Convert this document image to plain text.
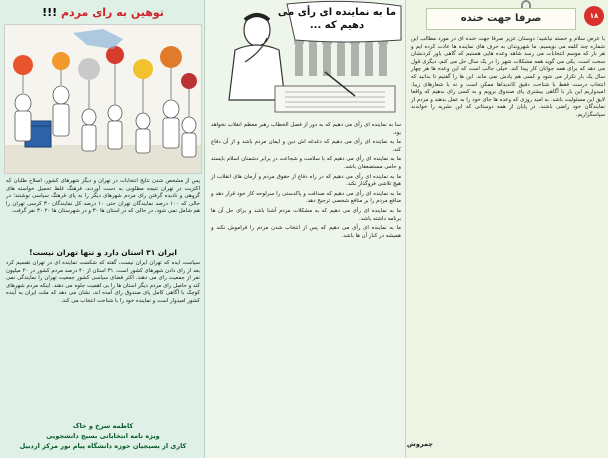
توهین به رای مردم !!!
پس از مشخص شدن نتایج انتخابات در تهران و دیگر شهرهای کشور، اصلاح طلبان که اکثریت در تهران نتیجه مطلوبی به دست آوردند، فرهنگ غلط تحمیل خواسته های گروهی و نادیده گرفتن رای مردم شهرهای دیگر را به پای فرهنگ سیاسی نوشتند؛ در حالی که ۱۰۰ درصد نمایندگان تهران حتی ۱۰ درصد کل نمایندگان ۳۰ کرسی تهران را هم شامل نمی شود، در حالی که در استان ها ۳۰ و در شهرستان ها ۲۰ ۳۰ نفر گرفت.
ایران ۳۱ استان دارد و تنها تهران نیست!
سیاست ایده که تهران ایران نیست، گفته که شکست نماینده ای در تهران تقسیم کرد بعد از رای دادن شهرهای کشور است. ۳۱ استان از ۴۰ درصد مردم کشور در ۲۰ میلیون نفر از جمعیت رای می دهند. اکثر فضای سیاسی کشور جمعیت تهران را نمایندگی نمی کند و حاصل رای مردم دیگر استان ها را بی اهمیت جلوه می دهند. اینکه مردم شهرهای کوچک با آگاهی کامل پای صندوق رای آمده اند، نشان می دهد که ملت ایران به آینده کشور امیدوار است و نماینده خود را با شناخت انتخاب می کند.
کاظمه سرخ و خاک
ویژه نامه انتخاباتی بسیج دانشجویی
کاری از بسیجیان حوزه دانشگاه پیام نور مرکز اردبیل
ما به نماینده ای رأی می دهیم که ...

سا به نماینده ای رأی می دهیم که به دور از فصل الخطاب رهبر معظم انقلاب نخواهد بود.

ما به نماینده ای رأی می دهیم که دغدغه اش دین و ایمان مردم باشد و از آن دفاع کند.

ما به نماینده ای رأی می دهیم که با سلامت و شجاعت در برابر دشمنان اسلام بایستد و حامی مستضعفان باشد.

ما به نماینده ای رأی می دهیم که در راه دفاع از حقوق مردم و آرمان های انقلاب از هیچ تلاشی فروگذار نکند.

ما به نماینده ای رأی می دهیم که صداقت و پاکدستی را سرلوحه کار خود قرار دهد و منافع مردم را بر منافع شخصی ترجیح دهد.

ما به نماینده ای رأی می دهیم که به مشکلات مردم آشنا باشد و برای حل آن ها برنامه داشته باشد.

ما به نماینده ای رأی می دهیم که پس از انتخاب شدن مردم را فراموش نکند و همیشه در کنار آن ها باشد.

صرفا جهت خنده	۱۸
با عرض سلام و خسته نباشید؛ دوستان عزیز صرفا جهت خنده ای در مورد مطالب این شماره چند کلمه می نویسیم. ما شهروندان به حرف های نماینده ها عادت کرده ایم و هر بار که موسم انتخابات می رسد شاهد وعده هایی هستیم که گاهی باور کردنشان سخت است. یکی می گوید همه مشکلات شهر را در یک سال حل می کنم، دیگری قول می دهد که برای همه جوانان کار پیدا کند. خیلی جالب است که این وعده ها هر چهار سال یک بار تکرار می شود و کسی هم یادش نمی ماند. این ها را گفتیم تا بدانید که انتخاب درست فقط با شناخت دقیق کاندیداها ممکن است و نه با شعارهای زیبا. امیدواریم این بار با آگاهی بیشتری پای صندوق برویم و به کسی رای بدهیم که واقعا لایق این مسئولیت باشد. به امید روزی که وعده ها جای خود را به عمل بدهند و مردم از نمایندگان خود راضی باشند. در پایان از همه دوستانی که این نشریه را خواندند سپاسگزاریم.
چمروش
